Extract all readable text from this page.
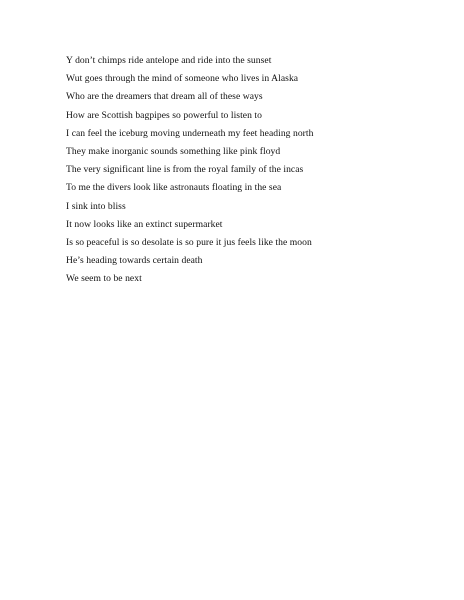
Y don’t chimps ride antelope and ride into the sunset
Wut goes through the mind of someone who lives in Alaska
Who are the dreamers that dream all of these ways
How are Scottish bagpipes so powerful to listen to
I can feel the iceburg moving underneath my feet heading north
They make inorganic sounds something like pink floyd
The very significant line is from the royal family of the incas
To me the divers look like astronauts floating in the sea
I sink into bliss
It now looks like an extinct supermarket
Is so peaceful is so desolate is so pure it jus feels like the moon
He’s heading towards certain death
We seem to be next
